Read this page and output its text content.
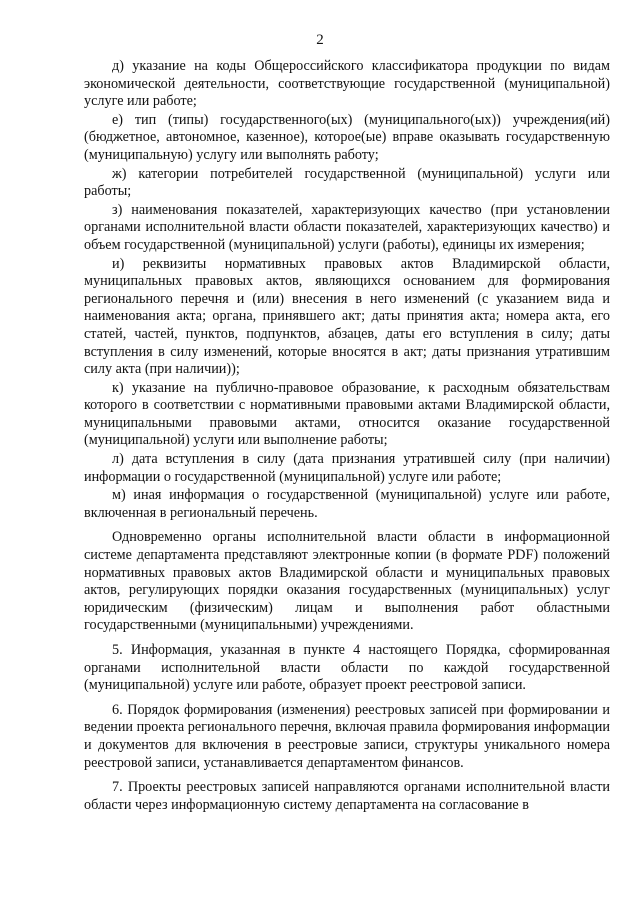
2

д) указание на коды Общероссийского классификатора продукции по видам экономической деятельности, соответствующие государственной (муниципальной) услуге или работе;

е) тип (типы) государственного(ых) (муниципального(ых)) учреждения(ий) (бюджетное, автономное, казенное), которое(ые) вправе оказывать государственную (муниципальную) услугу или выполнять работу;

ж) категории потребителей государственной (муниципальной) услуги или работы;

з) наименования показателей, характеризующих качество (при установлении органами исполнительной власти области показателей, характеризующих качество) и объем государственной (муниципальной) услуги (работы), единицы их измерения;

и) реквизиты нормативных правовых актов Владимирской области, муниципальных правовых актов, являющихся основанием для формирования регионального перечня и (или) внесения в него изменений (с указанием вида и наименования акта; органа, принявшего акт; даты принятия акта; номера акта, его статей, частей, пунктов, подпунктов, абзацев, даты его вступления в силу; даты вступления в силу изменений, которые вносятся в акт; даты признания утратившим силу акта (при наличии));

к) указание на публично-правовое образование, к расходным обязательствам которого в соответствии с нормативными правовыми актами Владимирской области, муниципальными правовыми актами, относится оказание государственной (муниципальной) услуги или выполнение работы;

л) дата вступления в силу (дата признания утратившей силу (при наличии) информации о государственной (муниципальной) услуге или работе;

м) иная информация о государственной (муниципальной) услуге или работе, включенная в региональный перечень.

Одновременно органы исполнительной власти области в информационной системе департамента представляют электронные копии (в формате PDF) положений нормативных правовых актов Владимирской области и муниципальных правовых актов, регулирующих порядки оказания государственных (муниципальных) услуг юридическим (физическим) лицам и выполнения работ областными государственными (муниципальными) учреждениями.

5. Информация, указанная в пункте 4 настоящего Порядка, сформированная органами исполнительной власти области по каждой государственной (муниципальной) услуге или работе, образует проект реестровой записи.

6. Порядок формирования (изменения) реестровых записей при формировании и ведении проекта регионального перечня, включая правила формирования информации и документов для включения в реестровые записи, структуры уникального номера реестровой записи, устанавливается департаментом финансов.

7. Проекты реестровых записей направляются органами исполнительной власти области через информационную систему департамента на согласование в
